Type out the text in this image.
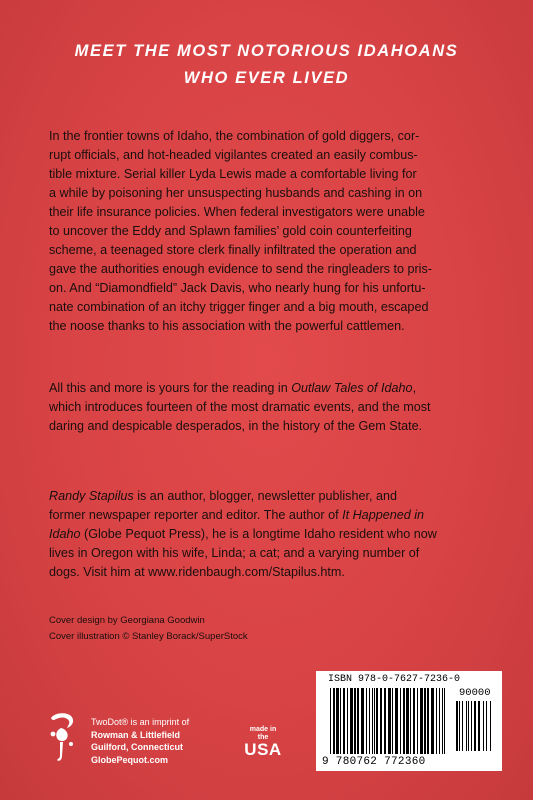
MEET THE MOST NOTORIOUS IDAHOANS
WHO EVER LIVED
In the frontier towns of Idaho, the combination of gold diggers, cor-
rupt officials, and hot-headed vigilantes created an easily combus-
tible mixture. Serial killer Lyda Lewis made a comfortable living for
a while by poisoning her unsuspecting husbands and cashing in on
their life insurance policies. When federal investigators were unable
to uncover the Eddy and Splawn families’ gold coin counterfeiting
scheme, a teenaged store clerk finally infiltrated the operation and
gave the authorities enough evidence to send the ringleaders to pris-
on. And “Diamondfield” Jack Davis, who nearly hung for his unfortu-
nate combination of an itchy trigger finger and a big mouth, escaped
the noose thanks to his association with the powerful cattlemen.
All this and more is yours for the reading in Outlaw Tales of Idaho,
which introduces fourteen of the most dramatic events, and the most
daring and despicable desperados, in the history of the Gem State.
Randy Stapilus is an author, blogger, newsletter publisher, and
former newspaper reporter and editor. The author of It Happened in
Idaho (Globe Pequot Press), he is a longtime Idaho resident who now
lives in Oregon with his wife, Linda; a cat; and a varying number of
dogs. Visit him at www.ridenbaugh.com/Stapilus.htm.
Cover design by Georgiana Goodwin
Cover illustration © Stanley Borack/SuperStock
TwoDot® is an imprint of
Rowman & Littlefield
Guilford, Connecticut
GlobePequot.com
made in the
USA
ISBN 978-0-7627-7236-0
90000
9 780762 772360
